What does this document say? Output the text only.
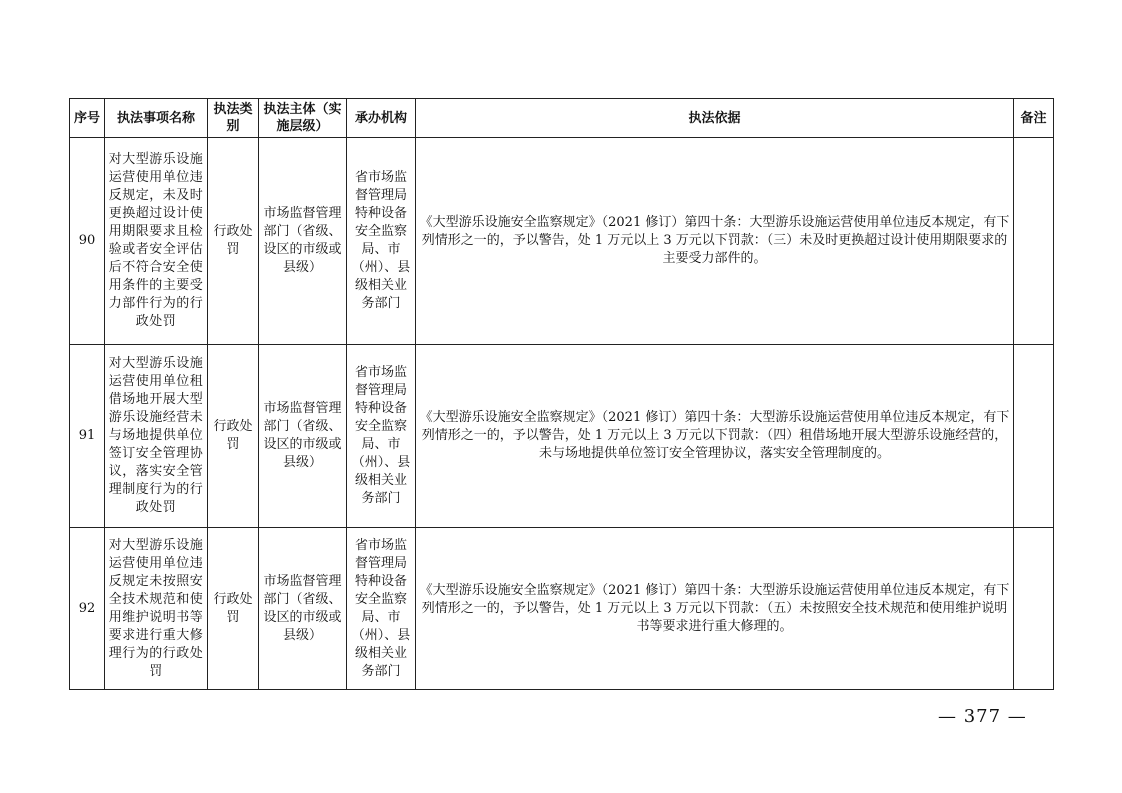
序号	执法事项名称	执法类别	执法主体（实施层级）	承办机构	执法依据	备注
90	对大型游乐设施运营使用单位违反规定，未及时更换超过设计使用期限要求且检验或者安全评估后不符合安全使用条件的主要受力部件行为的行政处罚	行政处罚	市场监督管理部门（省级、设区的市级或县级）	省市场监督管理局特种设备安全监察局、市（州）、县级相关业务部门	《大型游乐设施安全监察规定》（2021 修订）第四十条：大型游乐设施运营使用单位违反本规定，有下列情形之一的，予以警告，处 1 万元以上 3 万元以下罚款：（三）未及时更换超过设计使用期限要求的主要受力部件的。	
91	对大型游乐设施运营使用单位租借场地开展大型游乐设施经营未与场地提供单位签订安全管理协议，落实安全管理制度行为的行政处罚	行政处罚	市场监督管理部门（省级、设区的市级或县级）	省市场监督管理局特种设备安全监察局、市（州）、县级相关业务部门	《大型游乐设施安全监察规定》（2021 修订）第四十条：大型游乐设施运营使用单位违反本规定，有下列情形之一的，予以警告，处 1 万元以上 3 万元以下罚款：（四）租借场地开展大型游乐设施经营的，未与场地提供单位签订安全管理协议，落实安全管理制度的。	
92	对大型游乐设施运营使用单位违反规定未按照安全技术规范和使用维护说明书等要求进行重大修理行为的行政处罚	行政处罚	市场监督管理部门（省级、设区的市级或县级）	省市场监督管理局特种设备安全监察局、市（州）、县级相关业务部门	《大型游乐设施安全监察规定》（2021 修订）第四十条：大型游乐设施运营使用单位违反本规定，有下列情形之一的，予以警告，处 1 万元以上 3 万元以下罚款：（五）未按照安全技术规范和使用维护说明书等要求进行重大修理的。	
— 377 —
